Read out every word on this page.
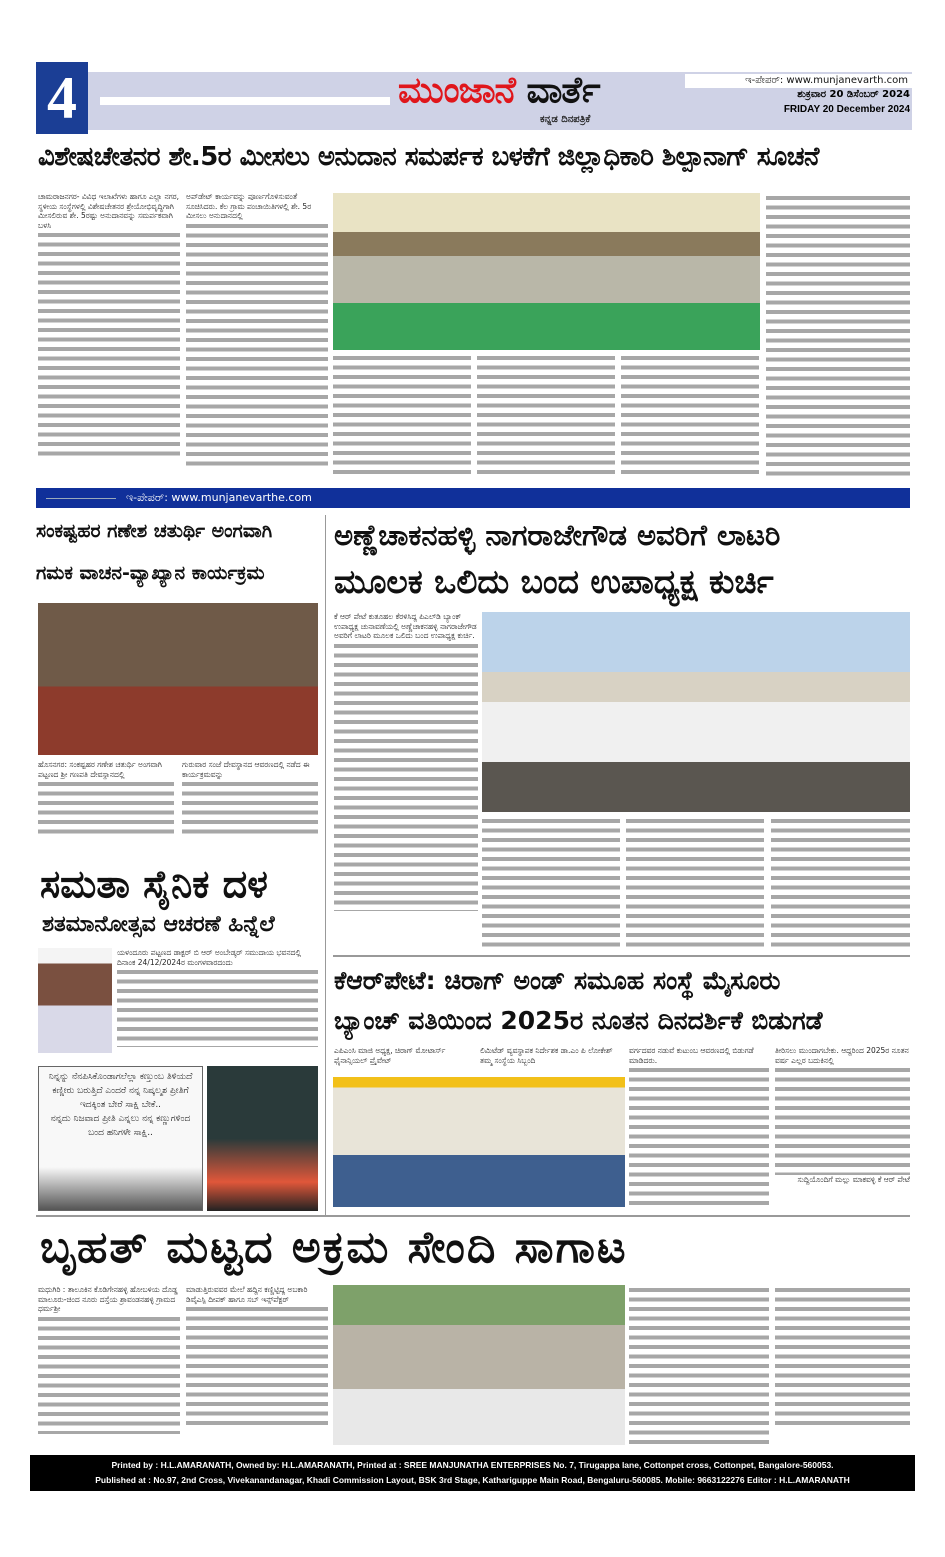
4	ಮುಂಜಾನೆ ವಾರ್ತೆ
ಕನ್ನಡ ದಿನಪತ್ರಿಕೆ
ಇ-ಪೇಪರ್: www.munjanevarth.com
ಶುಕ್ರವಾರ 20 ಡಿಸೆಂಬರ್ 2024
FRIDAY 20 December 2024
ವಿಶೇಷಚೇತನರ ಶೇ.5ರ ಮೀಸಲು ಅನುದಾನ ಸಮರ್ಪಕ ಬಳಕೆಗೆ ಜಿಲ್ಲಾಧಿಕಾರಿ ಶಿಲ್ಪಾನಾಗ್ ಸೂಚನೆ

ಚಾಮರಾಜನಗರ- ವಿವಿಧ ಇಲಾಖೆಗಳು ಹಾಗೂ ಎಲ್ಲಾ ನಗರ, ಸ್ಥಳೀಯ ಸಂಸ್ಥೆಗಳಲ್ಲಿ ವಿಶೇಷಚೇತನರ ಶ್ರೇಯೋಭಿವೃದ್ಧಿಗಾಗಿ ಮೀಸಲಿರುವ ಶೇ. 5ರಷ್ಟು ಅನುದಾನವನ್ನು ಸಮರ್ಪಕವಾಗಿ ಬಳಸಿ

ಅಪ್‌ಡೇಟ್ ಕಾರ್ಯವನ್ನು ಪೂರ್ಣಗೊಳಿಸುವಂತೆ ಸೂಚಿಸಿದರು. ಕೆಲ ಗ್ರಾಮ ಪಂಚಾಯಿತಿಗಳಲ್ಲಿ ಶೇ. 5ರ ಮೀಸಲು ಅನುದಾನದಲ್ಲಿ

ಇ-ಪೇಪರ್: www.munjanevarthe.com
ಸಂಕಷ್ಟಹರ ಗಣೇಶ ಚತುರ್ಥಿ ಅಂಗವಾಗಿ
ಗಮಕ ವಾಚನ-ವ್ಯಾಖ್ಯಾನ ಕಾರ್ಯಕ್ರಮ

ಹೊಸನಗರ: ಸಂಕಷ್ಟಹರ ಗಣೇಶ ಚತುರ್ಥಿ ಅಂಗವಾಗಿ ಪಟ್ಟಣದ ಶ್ರೀ ಗಣಪತಿ ದೇವಸ್ಥಾನದಲ್ಲಿ

ಗುರುವಾರ ಸಂಜೆ ದೇವಸ್ಥಾನದ ಆವರಣದಲ್ಲಿ ನಡೆದ ಈ ಕಾರ್ಯಕ್ರಮವನ್ನು

ಅಣ್ಣೆಚಾಕನಹಳ್ಳಿ ನಾಗರಾಜೇಗೌಡ ಅವರಿಗೆ ಲಾಟರಿ
ಮೂಲಕ ಒಲಿದು ಬಂದ ಉಪಾಧ್ಯಕ್ಷ ಕುರ್ಚಿ

ಕೆ ಆರ್ ಪೇಟೆ ಕುತೂಹಲ ಕೆರಳಿಸಿದ್ದ ಪಿಎಲ್‌ಡಿ ಬ್ಯಾಂಕ್ ಉಪಾಧ್ಯಕ್ಷ ಚುನಾವಣೆಯಲ್ಲಿ ಅಣ್ಣೆಚಾಕನಹಳ್ಳಿ ನಾಗರಾಜೇಗೌಡ ಅವರಿಗೆ ಲಾಟರಿ ಮೂಲಕ ಒಲಿದು ಬಂದ ಉಪಾಧ್ಯಕ್ಷ ಕುರ್ಚಿ.

ಸಮತಾ ಸೈನಿಕ ದಳ
ಶತಮಾನೋತ್ಸವ ಆಚರಣೆ ಹಿನ್ನೆಲೆ

ಯಳಂದೂರು ಪಟ್ಟಣದ ಡಾಕ್ಟರ್ ಬಿ ಆರ್ ಅಂಬೇಡ್ಕರ್ ಸಮುದಾಯ ಭವನದಲ್ಲಿ ದಿನಾಂಕ 24/12/2024ರ ಮಂಗಳವಾರದಂದು

ನಿನ್ನನ್ನು ನೆನಪಿಸಿಕೊಂಡಾಗಲೆಲ್ಲಾ ಕಣ್ತುಂಬ ತಿಳಿಯದೆ ಕಣ್ಣೀರು ಬರುತ್ತಿದೆ ಎಂದರೆ ನನ್ನ ನಿಷ್ಕಲ್ಮಶ ಪ್ರೀತಿಗೆ ಇದಕ್ಕಿಂತ ಬೇರೆ ಸಾಕ್ಷಿ ಬೇಕೆ..
ನನ್ನದು ನಿಜವಾದ ಪ್ರೀತಿ ಎನ್ನಲು ನನ್ನ ಕಣ್ಣುಗಳಿಂದ ಬಂದ ಹನಿಗಳೇ ಸಾಕ್ಷಿ..
ಕೆಆರ್‌ಪೇಟೆ: ಚಿರಾಗ್ ಅಂಡ್ ಸಮೂಹ ಸಂಸ್ಥೆ ಮೈಸೂರು
ಬ್ಯಾಂಚ್ ವತಿಯಿಂದ 2025ರ ನೂತನ ದಿನದರ್ಶಿಕೆ ಬಿಡುಗಡೆ
ಎಪಿಎಂಸಿ ಮಾಜಿ ಅಧ್ಯಕ್ಷ, ಚಿರಾಗ್ ಮೋಟಾರ್ಸ್ ಫೈನಾನ್ಸಿಯಲ್ ಪ್ರೈವೇಟ್
ಲಿಮಿಟೆಡ್ ವ್ಯವಸ್ಥಾಪಕ ನಿರ್ದೇಶಕ ಡಾ.ಎಂ ಪಿ ಲೋಕೇಶ್ ತಮ್ಮ ಸಂಸ್ಥೆಯ ಸಿಬ್ಬಂದಿ

ವರ್ಗದವರ ನಡುವೆ ಕುಟುಂಬ ಆವರಣದಲ್ಲಿ ಬಿಡುಗಡೆ ಮಾಡಿದರು.

ತೀರಿಸಲು ಮುಂದಾಗಬೇಕು. ಆದ್ದರಿಂದ 2025ರ ನೂತನ ವರ್ಷ ಎಲ್ಲರ ಬದುಕಿನಲ್ಲಿ

ಸುದ್ದಿಯೊಂದಿಗೆ ಮಲ್ಲು ಮಾಕವಳ್ಳಿ ಕೆ ಆರ್ ಪೇಟೆ

ಬೃಹತ್ ಮಟ್ಟದ ಅಕ್ರಮ ಸೇಂದಿ ಸಾಗಾಟ

ಮಧುಗಿರಿ : ತಾಲೂಕಿನ ಕೊಡಿಗೇನಹಳ್ಳಿ ಹೋಬಳಿಯ ದೊಡ್ಡ ಮಾಲೂರು-ಚಿಂದ ನೂರು ದಸ್ತೆಯ ಶ್ರಾವಂಡನಹಳ್ಳಿ ಗ್ರಾಮದ ಧರ್ಮಶ್ರೀ

ಮಾಡುತ್ತಿರುವವರ ಮೇಲೆ ಹದ್ದಿನ ಕಣ್ಣಿಟ್ಟಿದ್ದ ಅಬಕಾರಿ ಡಿವೈಎಸ್ಪಿ ದೀಪಕ್ ಹಾಗೂ ಸಬ್ ಇನ್ಸ್‌ಪೆಕ್ಟರ್

Printed by : H.L.AMARANATH, Owned by: H.L.AMARANATH, Printed at : SREE MANJUNATHA ENTERPRISES No. 7, Tirugappa lane, Cottonpet cross, Cottonpet, Bangalore-560053.
Published at : No.97, 2nd Cross, Vivekanandanagar, Khadi Commission Layout, BSK 3rd Stage, Kathariguppe Main Road, Bengaluru-560085. Mobile: 9663122276 Editor : H.L.AMARANATH
